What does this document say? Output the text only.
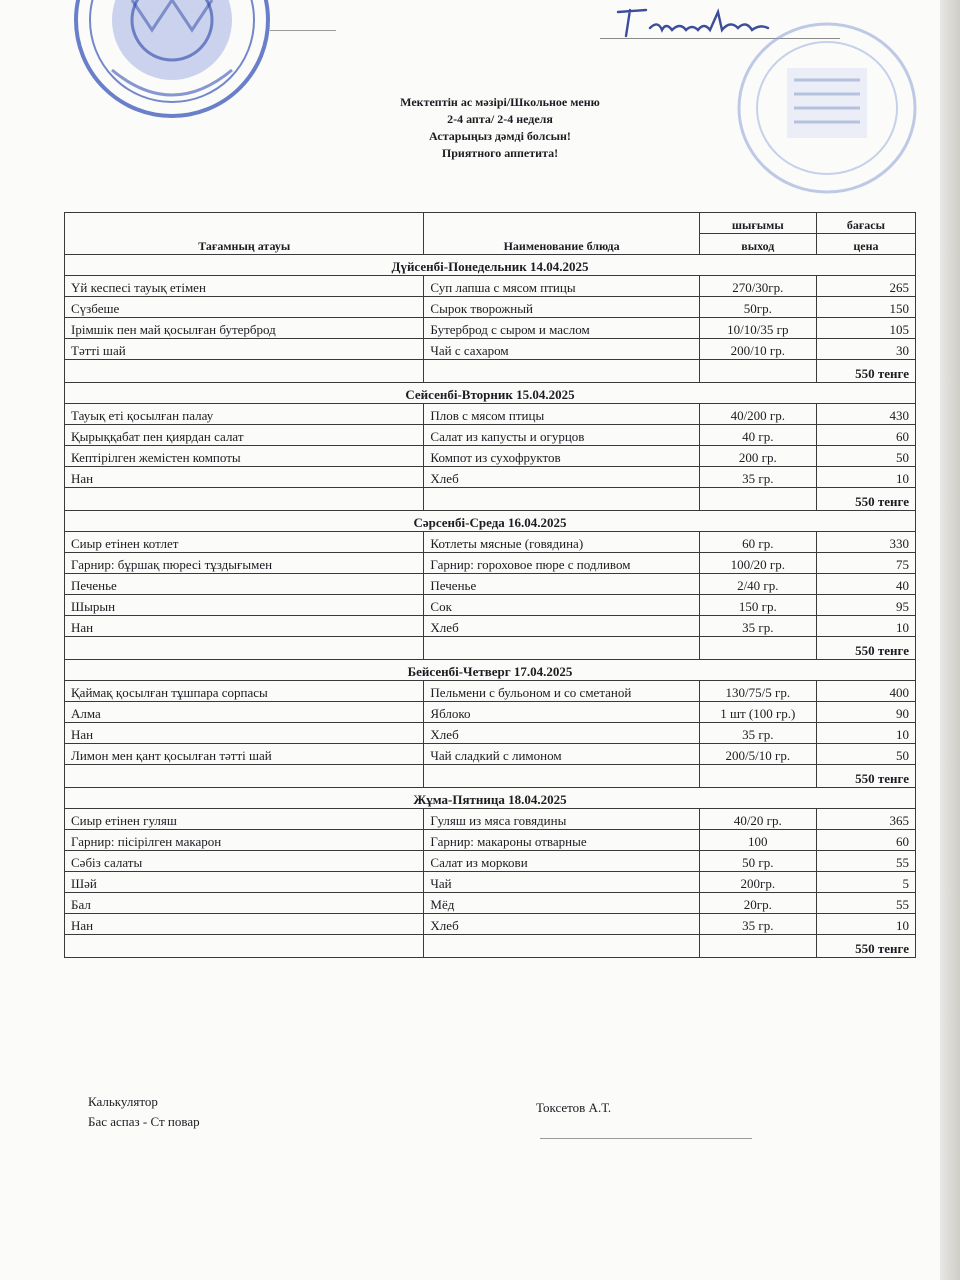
Мектептін ас мәзірі/Школьное меню
2-4 апта/ 2-4 неделя
Астарыңыз дәмді болсын!
Приятного аппетита!
Тағамның атауы	Наименование блюда	шығымы	бағасы
		выход	цена
Дүйсенбі-Понедельник 14.04.2025			
Үй кеспесі тауық етімен	Суп лапша с мясом птицы	270/30гр.	265
Сүзбеше	Сырок творожный	50гр.	150
Ірімшік пен май қосылған бутерброд	Бутерброд с сыром и маслом	10/10/35 гр	105
Тәтті шай	Чай с сахаром	200/10 гр.	30
			550 тенге
Сейсенбі-Вторник 15.04.2025			
Тауық еті қосылған палау	Плов с мясом птицы	40/200 гр.	430
Қырыққабат пен қиярдан салат	Салат из капусты и огурцов	40 гр.	60
Кептірілген жемістен компоты	Компот из сухофруктов	200 гр.	50
Нан	Хлеб	35 гр.	10
			550 тенге
Сәрсенбі-Среда 16.04.2025			
Сиыр етінен котлет	Котлеты мясные (говядина)	60 гр.	330
Гарнир: бұршақ пюресі тұздығымен	Гарнир: гороховое пюре с подливом	100/20 гр.	75
Печенье	Печенье	2/40 гр.	40
Шырын	Сок	150 гр.	95
Нан	Хлеб	35 гр.	10
			550 тенге
Бейсенбі-Четверг 17.04.2025			
Қаймақ қосылған тұшпара сорпасы	Пельмени с бульоном и со сметаной	130/75/5 гр.	400
Алма	Яблоко	1 шт (100 гр.)	90
Нан	Хлеб	35 гр.	10
Лимон мен қант қосылған тәтті шай	Чай сладкий с лимоном	200/5/10 гр.	50
			550 тенге
Жұма-Пятница 18.04.2025			
Сиыр етінен гуляш	Гуляш из мяса говядины	40/20 гр.	365
Гарнир: пісірілген макарон	Гарнир: макароны отварные	100	60
Сәбіз салаты	Салат из моркови	50 гр.	55
Шәй	Чай	200гр.	5
Бал	Мёд	20гр.	55
Нан	Хлеб	35 гр.	10
			550 тенге
Калькулятор
Бас аспаз - Ст повар
Токсетов А.Т.
